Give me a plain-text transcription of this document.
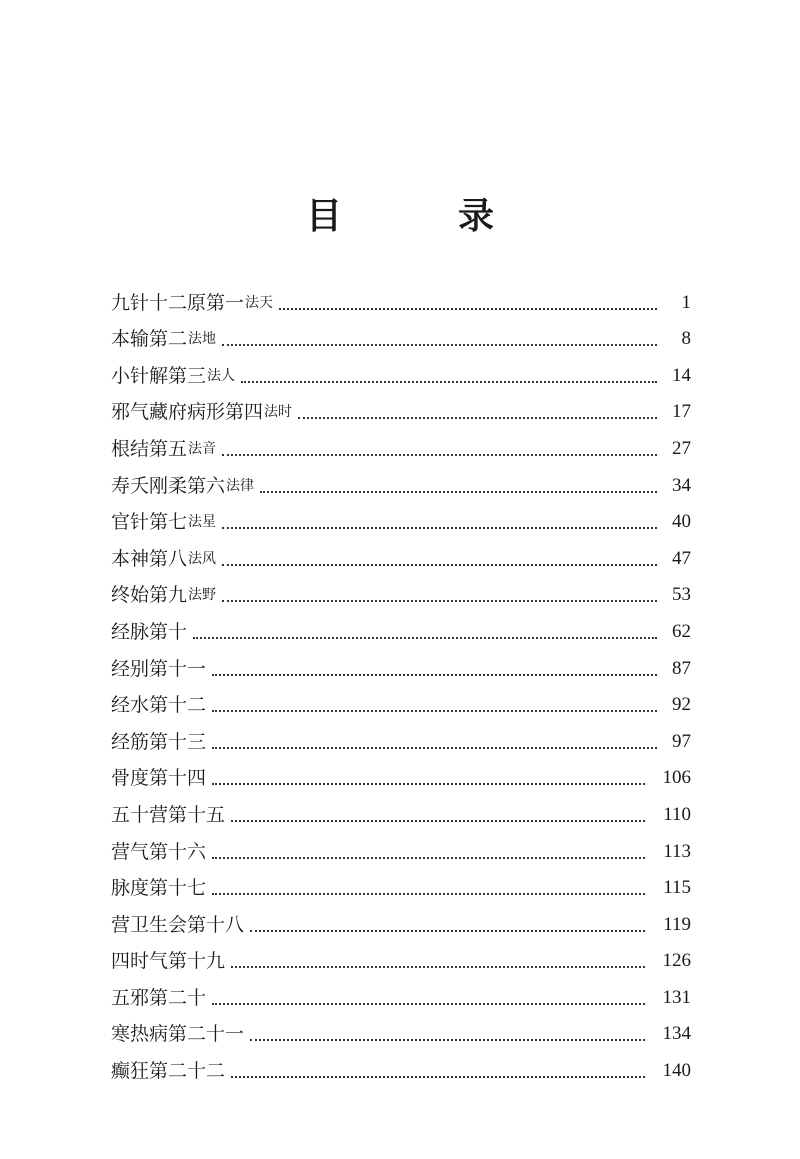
目　录
九针十二原第一 法天	1
本输第二 法地	8
小针解第三 法人	14
邪气藏府病形第四 法时	17
根结第五 法音	27
寿夭刚柔第六 法律	34
官针第七 法星	40
本神第八 法风	47
终始第九 法野	53
经脉第十	62
经别第十一	87
经水第十二	92
经筋第十三	97
骨度第十四	106
五十营第十五	110
营气第十六	113
脉度第十七	115
营卫生会第十八	119
四时气第十九	126
五邪第二十	131
寒热病第二十一	134
癫狂第二十二	140
